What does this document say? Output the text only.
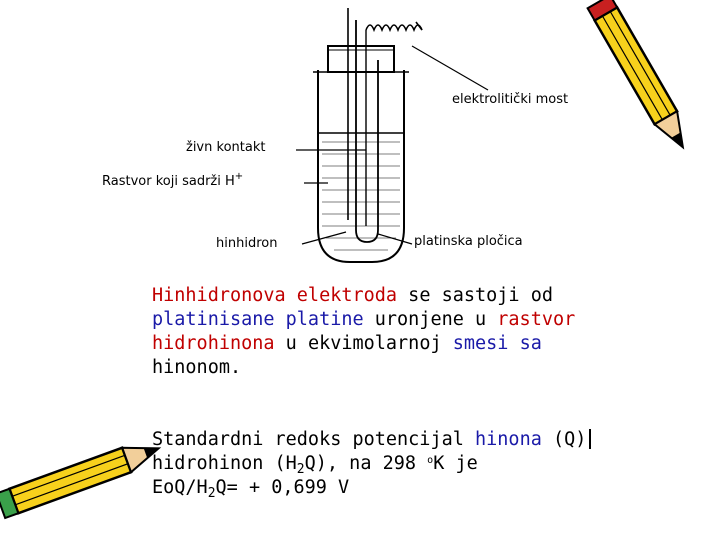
elektrolitički most
živn kontakt
Rastvor koji sadrži H+
hinhidron	platinska pločica
Hinhidronova elektroda se sastoji od platinisane platine uronjene u rastvor hidrohinona u ekvimolarnoj smesi sa hinonom.
Standardni redoks potencijal hinona (Q)hidrohinon $(H_2Q)$, na 298 $^o$K je
EoQ/$H_2Q= + 0,699$ V
